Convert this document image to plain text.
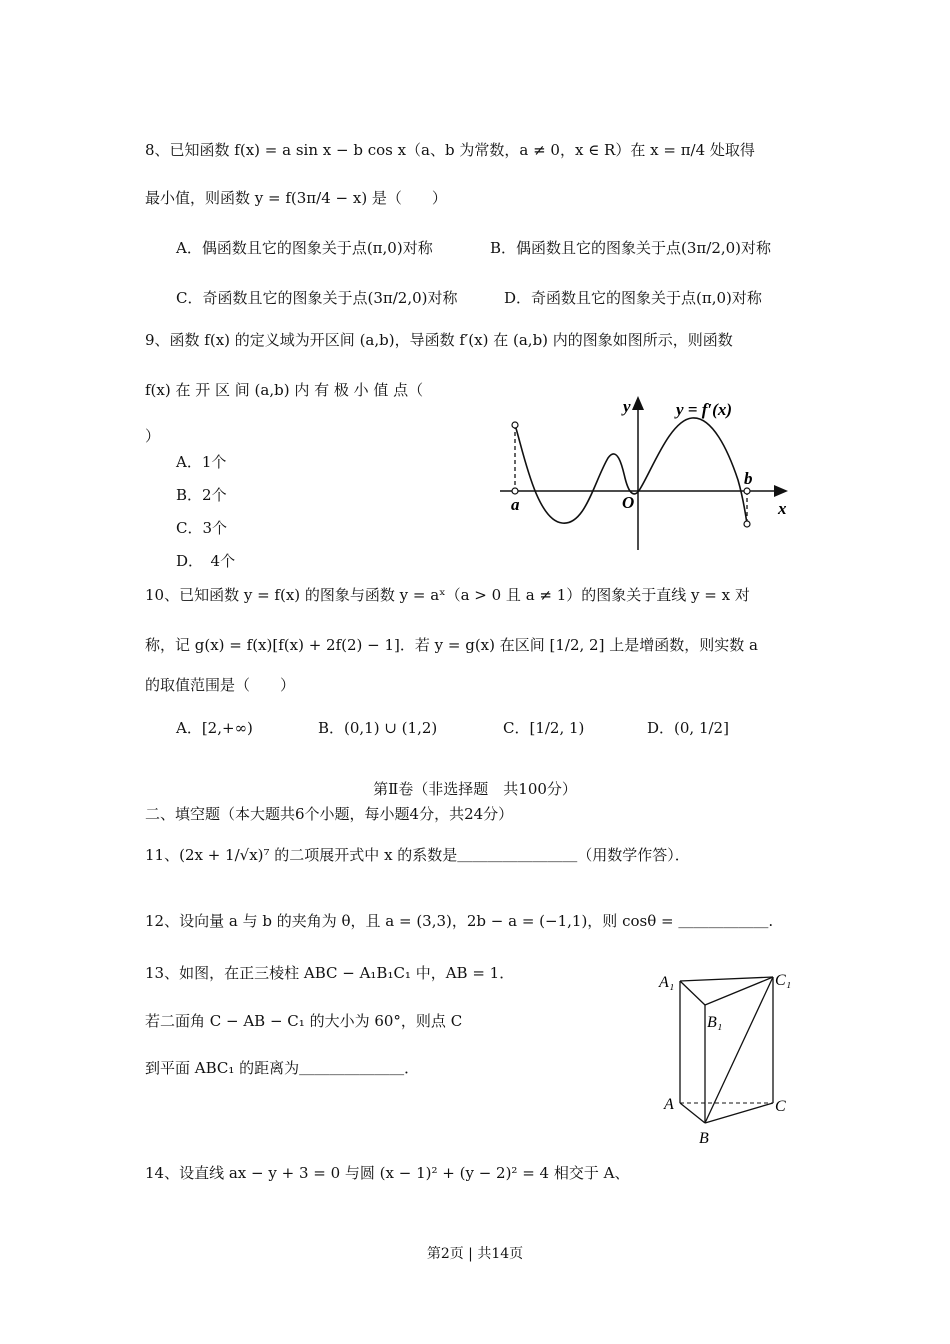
8、已知函数 f(x) = a sin x − b cos x（a、b 为常数，a ≠ 0，x ∈ R）在 x = π/4 处取得
最小值，则函数 y = f(3π/4 − x) 是（　　）
A．偶函数且它的图象关于点(π,0)对称	B．偶函数且它的图象关于点(3π/2,0)对称
C．奇函数且它的图象关于点(3π/2,0)对称	D．奇函数且它的图象关于点(π,0)对称
9、函数 f(x) 的定义域为开区间 (a,b)，导函数 f′(x) 在 (a,b) 内的图象如图所示，则函数
f(x) 在 开 区 间 (a,b) 内 有 极 小 值 点（
）
A．1个
B．2个
C．3个
D．　4个
y	y = f′(x)
x
O
a
b
10、已知函数 y = f(x) 的图象与函数 y = aˣ（a > 0 且 a ≠ 1）的图象关于直线 y = x 对
称，记 g(x) = f(x)[f(x) + 2f(2) − 1]．若 y = g(x) 在区间 [1/2, 2] 上是增函数，则实数 a
的取值范围是（　　）
A．[2,+∞)	B．(0,1) ∪ (1,2)	C．[1/2, 1)	D．(0, 1/2]
第Ⅱ卷（非选择题　共100分）
二、填空题（本大题共6个小题，每小题4分，共24分）
11、(2x + 1/√x)⁷ 的二项展开式中 x 的系数是＿＿＿＿＿＿＿＿（用数学作答）．
12、设向量 a 与 b 的夹角为 θ，且 a = (3,3)，2b − a = (−1,1)，则 cosθ = ＿＿＿＿＿＿.
13、如图，在正三棱柱 ABC − A₁B₁C₁ 中，AB = 1．
若二面角 C − AB − C₁ 的大小为 60°，则点 C
到平面 ABC₁ 的距离为＿＿＿＿＿＿＿．
A₁
B₁
C₁
A
B
C
14、设直线 ax − y + 3 = 0 与圆 (x − 1)² + (y − 2)² = 4 相交于 A、
第2页 | 共14页
